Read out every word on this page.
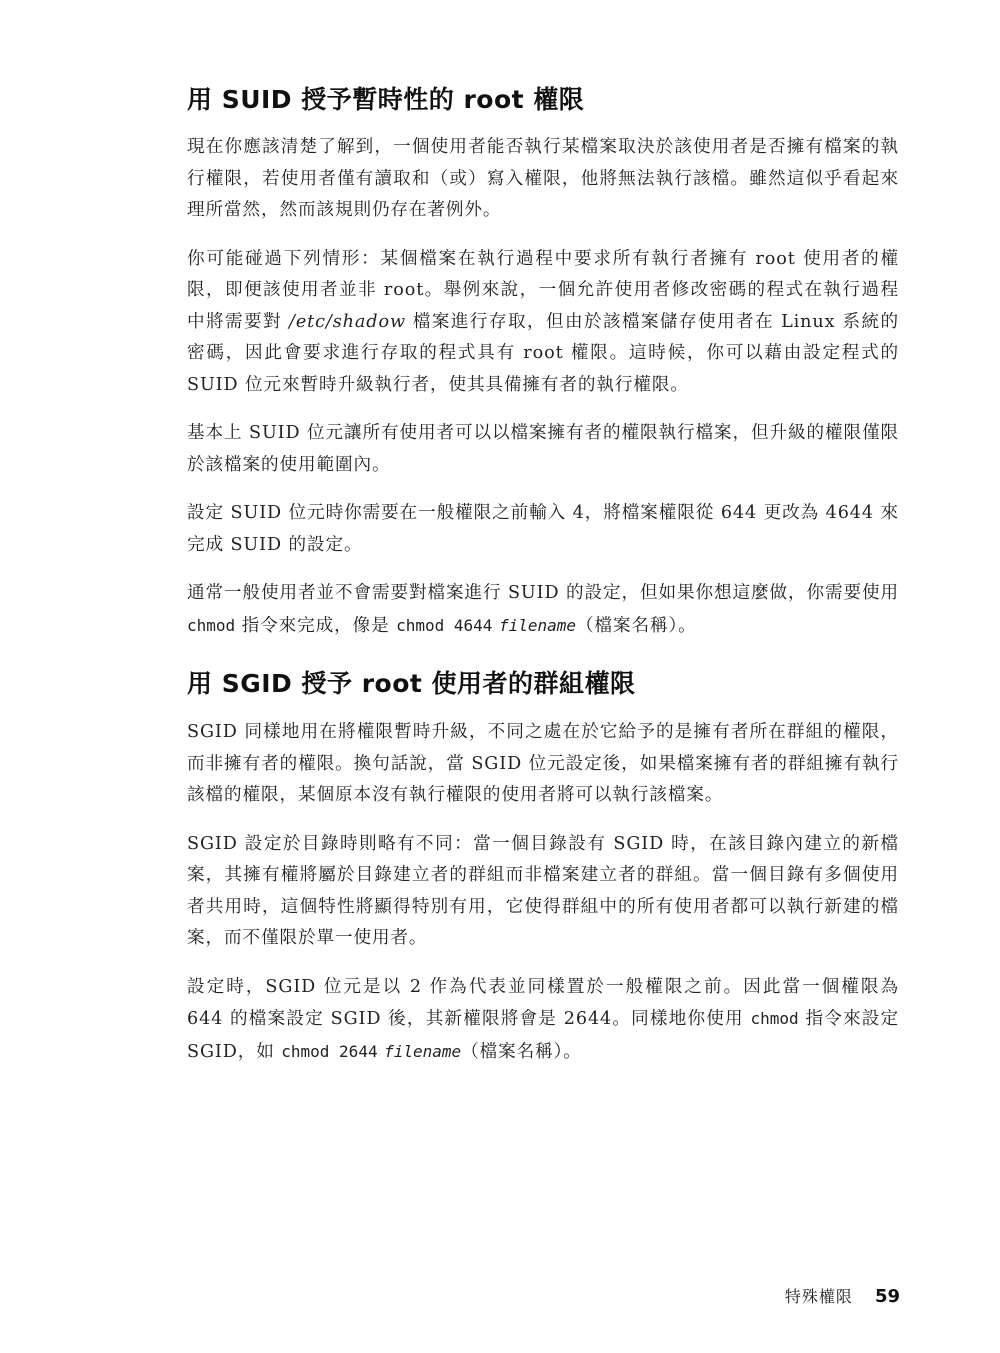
用 SUID 授予暫時性的 root 權限

現在你應該清楚了解到，一個使用者能否執行某檔案取決於該使用者是否擁有檔案的執行權限，若使用者僅有讀取和（或）寫入權限，他將無法執行該檔。雖然這似乎看起來理所當然，然而該規則仍存在著例外。

你可能碰過下列情形：某個檔案在執行過程中要求所有執行者擁有 root 使用者的權限，即便該使用者並非 root。舉例來說，一個允許使用者修改密碼的程式在執行過程中將需要對 /etc/shadow 檔案進行存取，但由於該檔案儲存使用者在 Linux 系統的密碼，因此會要求進行存取的程式具有 root 權限。這時候，你可以藉由設定程式的 SUID 位元來暫時升級執行者，使其具備擁有者的執行權限。

基本上 SUID 位元讓所有使用者可以以檔案擁有者的權限執行檔案，但升級的權限僅限於該檔案的使用範圍內。

設定 SUID 位元時你需要在一般權限之前輸入 4，將檔案權限從 644 更改為 4644 來完成 SUID 的設定。

通常一般使用者並不會需要對檔案進行 SUID 的設定，但如果你想這麼做，你需要使用 chmod 指令來完成，像是 chmod 4644 filename（檔案名稱）。

用 SGID 授予 root 使用者的群組權限

SGID 同樣地用在將權限暫時升級，不同之處在於它給予的是擁有者所在群組的權限，而非擁有者的權限。換句話說，當 SGID 位元設定後，如果檔案擁有者的群組擁有執行該檔的權限，某個原本沒有執行權限的使用者將可以執行該檔案。

SGID 設定於目錄時則略有不同：當一個目錄設有 SGID 時，在該目錄內建立的新檔案，其擁有權將屬於目錄建立者的群組而非檔案建立者的群組。當一個目錄有多個使用者共用時，這個特性將顯得特別有用，它使得群組中的所有使用者都可以執行新建的檔案，而不僅限於單一使用者。

設定時，SGID 位元是以 2 作為代表並同樣置於一般權限之前。因此當一個權限為 644 的檔案設定 SGID 後，其新權限將會是 2644。同樣地你使用 chmod 指令來設定 SGID，如 chmod 2644 filename（檔案名稱）。

特殊權限 59
